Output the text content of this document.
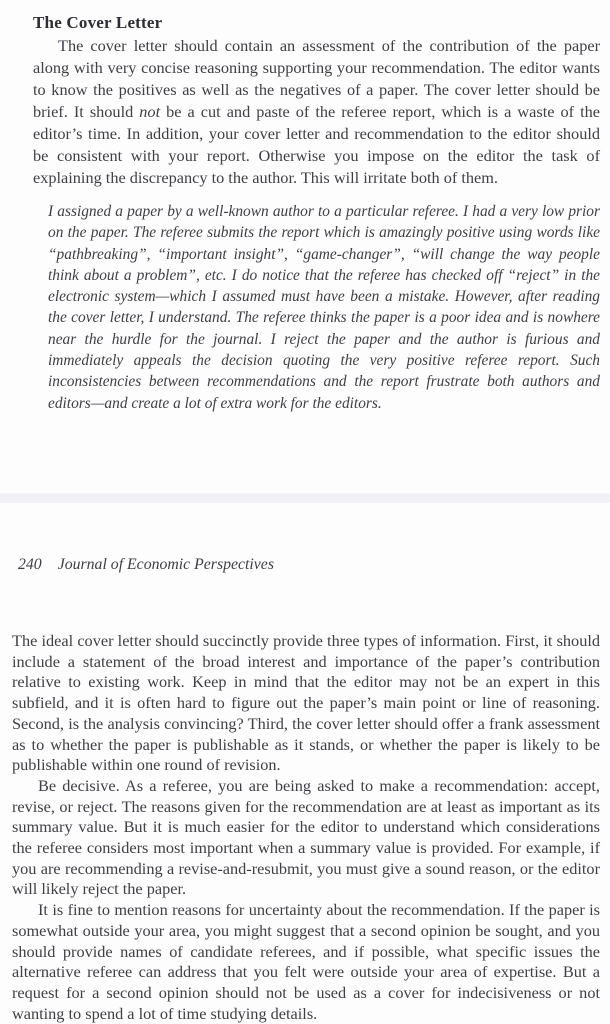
The Cover Letter

The cover letter should contain an assessment of the contribution of the paper along with very concise reasoning supporting your recommendation. The editor wants to know the positives as well as the negatives of a paper. The cover letter should be brief. It should not be a cut and paste of the referee report, which is a waste of the editor’s time. In addition, your cover letter and recommendation to the editor should be consistent with your report. Otherwise you impose on the editor the task of explaining the discrepancy to the author. This will irritate both of them.

I assigned a paper by a well-known author to a particular referee. I had a very low prior on the paper. The referee submits the report which is amazingly positive using words like “pathbreaking”, “important insight”, “game-changer”, “will change the way people think about a problem”, etc. I do notice that the referee has checked off “reject” in the electronic system—which I assumed must have been a mistake. However, after reading the cover letter, I understand. The referee thinks the paper is a poor idea and is nowhere near the hurdle for the journal. I reject the paper and the author is furious and immediately appeals the decision quoting the very positive referee report. Such inconsistencies between recommendations and the report frustrate both authors and editors—and create a lot of extra work for the editors.
240 Journal of Economic Perspectives

The ideal cover letter should succinctly provide three types of information. First, it should include a statement of the broad interest and importance of the paper’s contribution relative to existing work. Keep in mind that the editor may not be an expert in this subfield, and it is often hard to figure out the paper’s main point or line of reasoning. Second, is the analysis convincing? Third, the cover letter should offer a frank assessment as to whether the paper is publishable as it stands, or whether the paper is likely to be publishable within one round of revision.

Be decisive. As a referee, you are being asked to make a recommendation: accept, revise, or reject. The reasons given for the recommendation are at least as important as its summary value. But it is much easier for the editor to understand which considerations the referee considers most important when a summary value is provided. For example, if you are recommending a revise-and-resubmit, you must give a sound reason, or the editor will likely reject the paper.

It is fine to mention reasons for uncertainty about the recommendation. If the paper is somewhat outside your area, you might suggest that a second opinion be sought, and you should provide names of candidate referees, and if possible, what specific issues the alternative referee can address that you felt were outside your area of expertise. But a request for a second opinion should not be used as a cover for indecisiveness or not wanting to spend a lot of time studying details.
